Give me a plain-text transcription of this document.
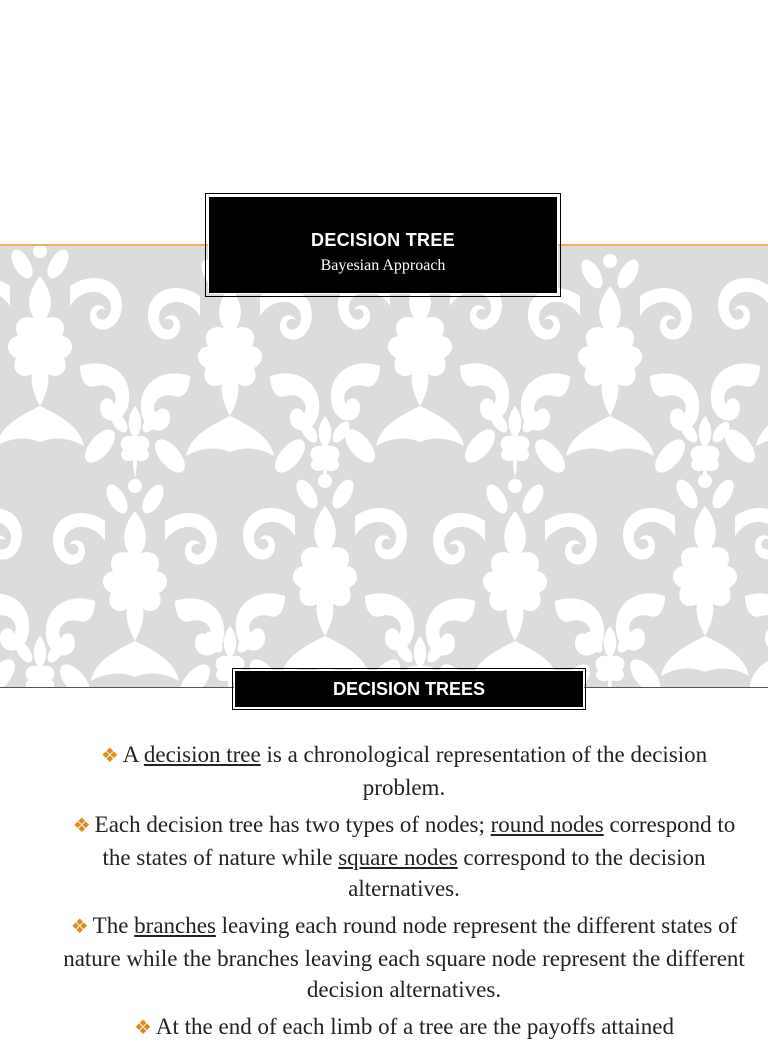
DECISION TREE
Bayesian Approach
DECISION TREES
❖ A decision tree is a chronological representation of the decision problem.
❖ Each decision tree has two types of nodes; round nodes correspond to the states of nature while square nodes correspond to the decision alternatives.
❖ The branches leaving each round node represent the different states of nature while the branches leaving each square node represent the different decision alternatives.
❖ At the end of each limb of a tree are the payoffs attained
